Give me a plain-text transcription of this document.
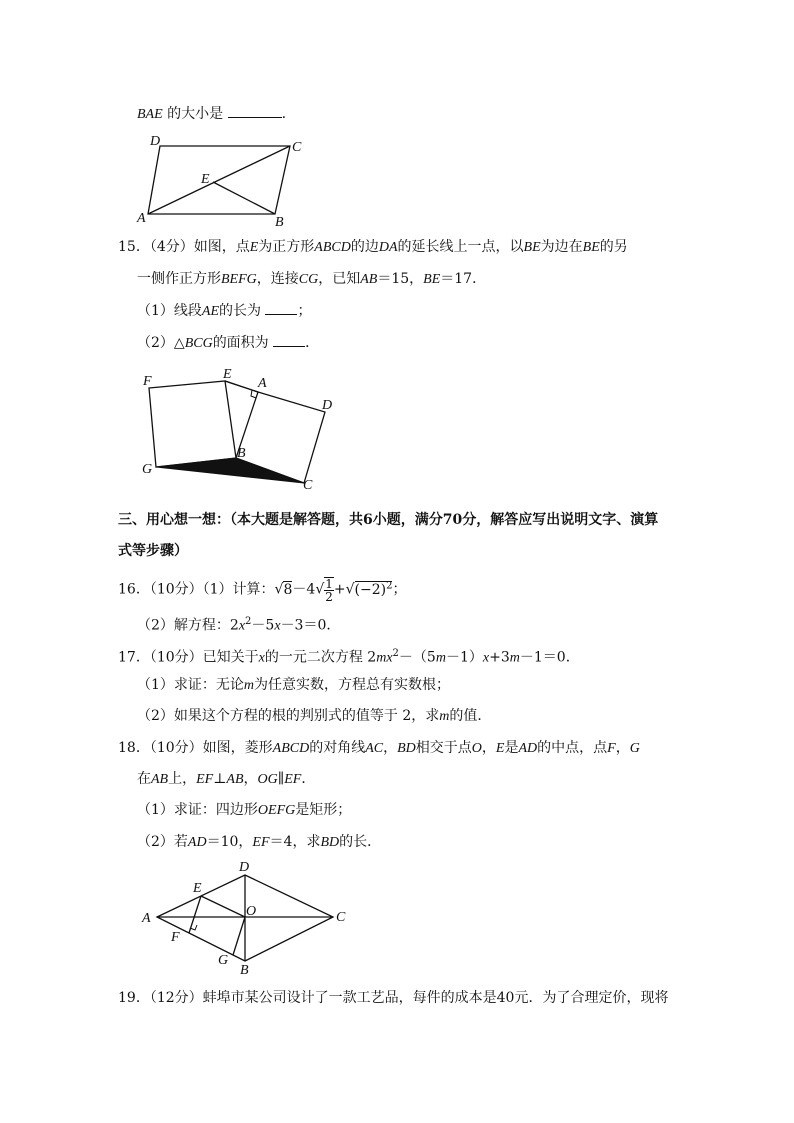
BAE 的大小是	.
D	C
E
A	B
15．（4分）如图，点E为正方形ABCD的边DA的延长线上一点，以BE为边在BE的另
一侧作正方形BEFG，连接CG，已知AB＝15，BE＝17．
（1）线段AE的长为	；
（2）△BCG的面积为	．
F	E
A
D
G
B
C
三、用心想一想：（本大题是解答题，共6小题，满分70分，解答应写出说明文字、演算
式等步骤）
16．（10分）（1）计算：$√8-4√ \frac{1}{2} +√(-2)^2$；
（2）解方程：$2x^2-5x-3=0$．
17．（10分）已知关于x的一元二次方程 $2mx^2-(5m-1)x+3m-1=0$．
（1）求证：无论m为任意实数，方程总有实数根；
（2）如果这个方程的根的判别式的值等于 2，求m的值．
18．（10分）如图，菱形ABCD的对角线AC，BD相交于点O，E是AD的中点，点F，G
在AB上，EF⊥AB，OG∥EF．
（1）求证：四边形OEFG是矩形；
（2）若AD＝10，EF＝4，求BD的长．
D
E
A	O	C
F
G
B
19．（12分）蚌埠市某公司设计了一款工艺品，每件的成本是40元．为了合理定价，现将
